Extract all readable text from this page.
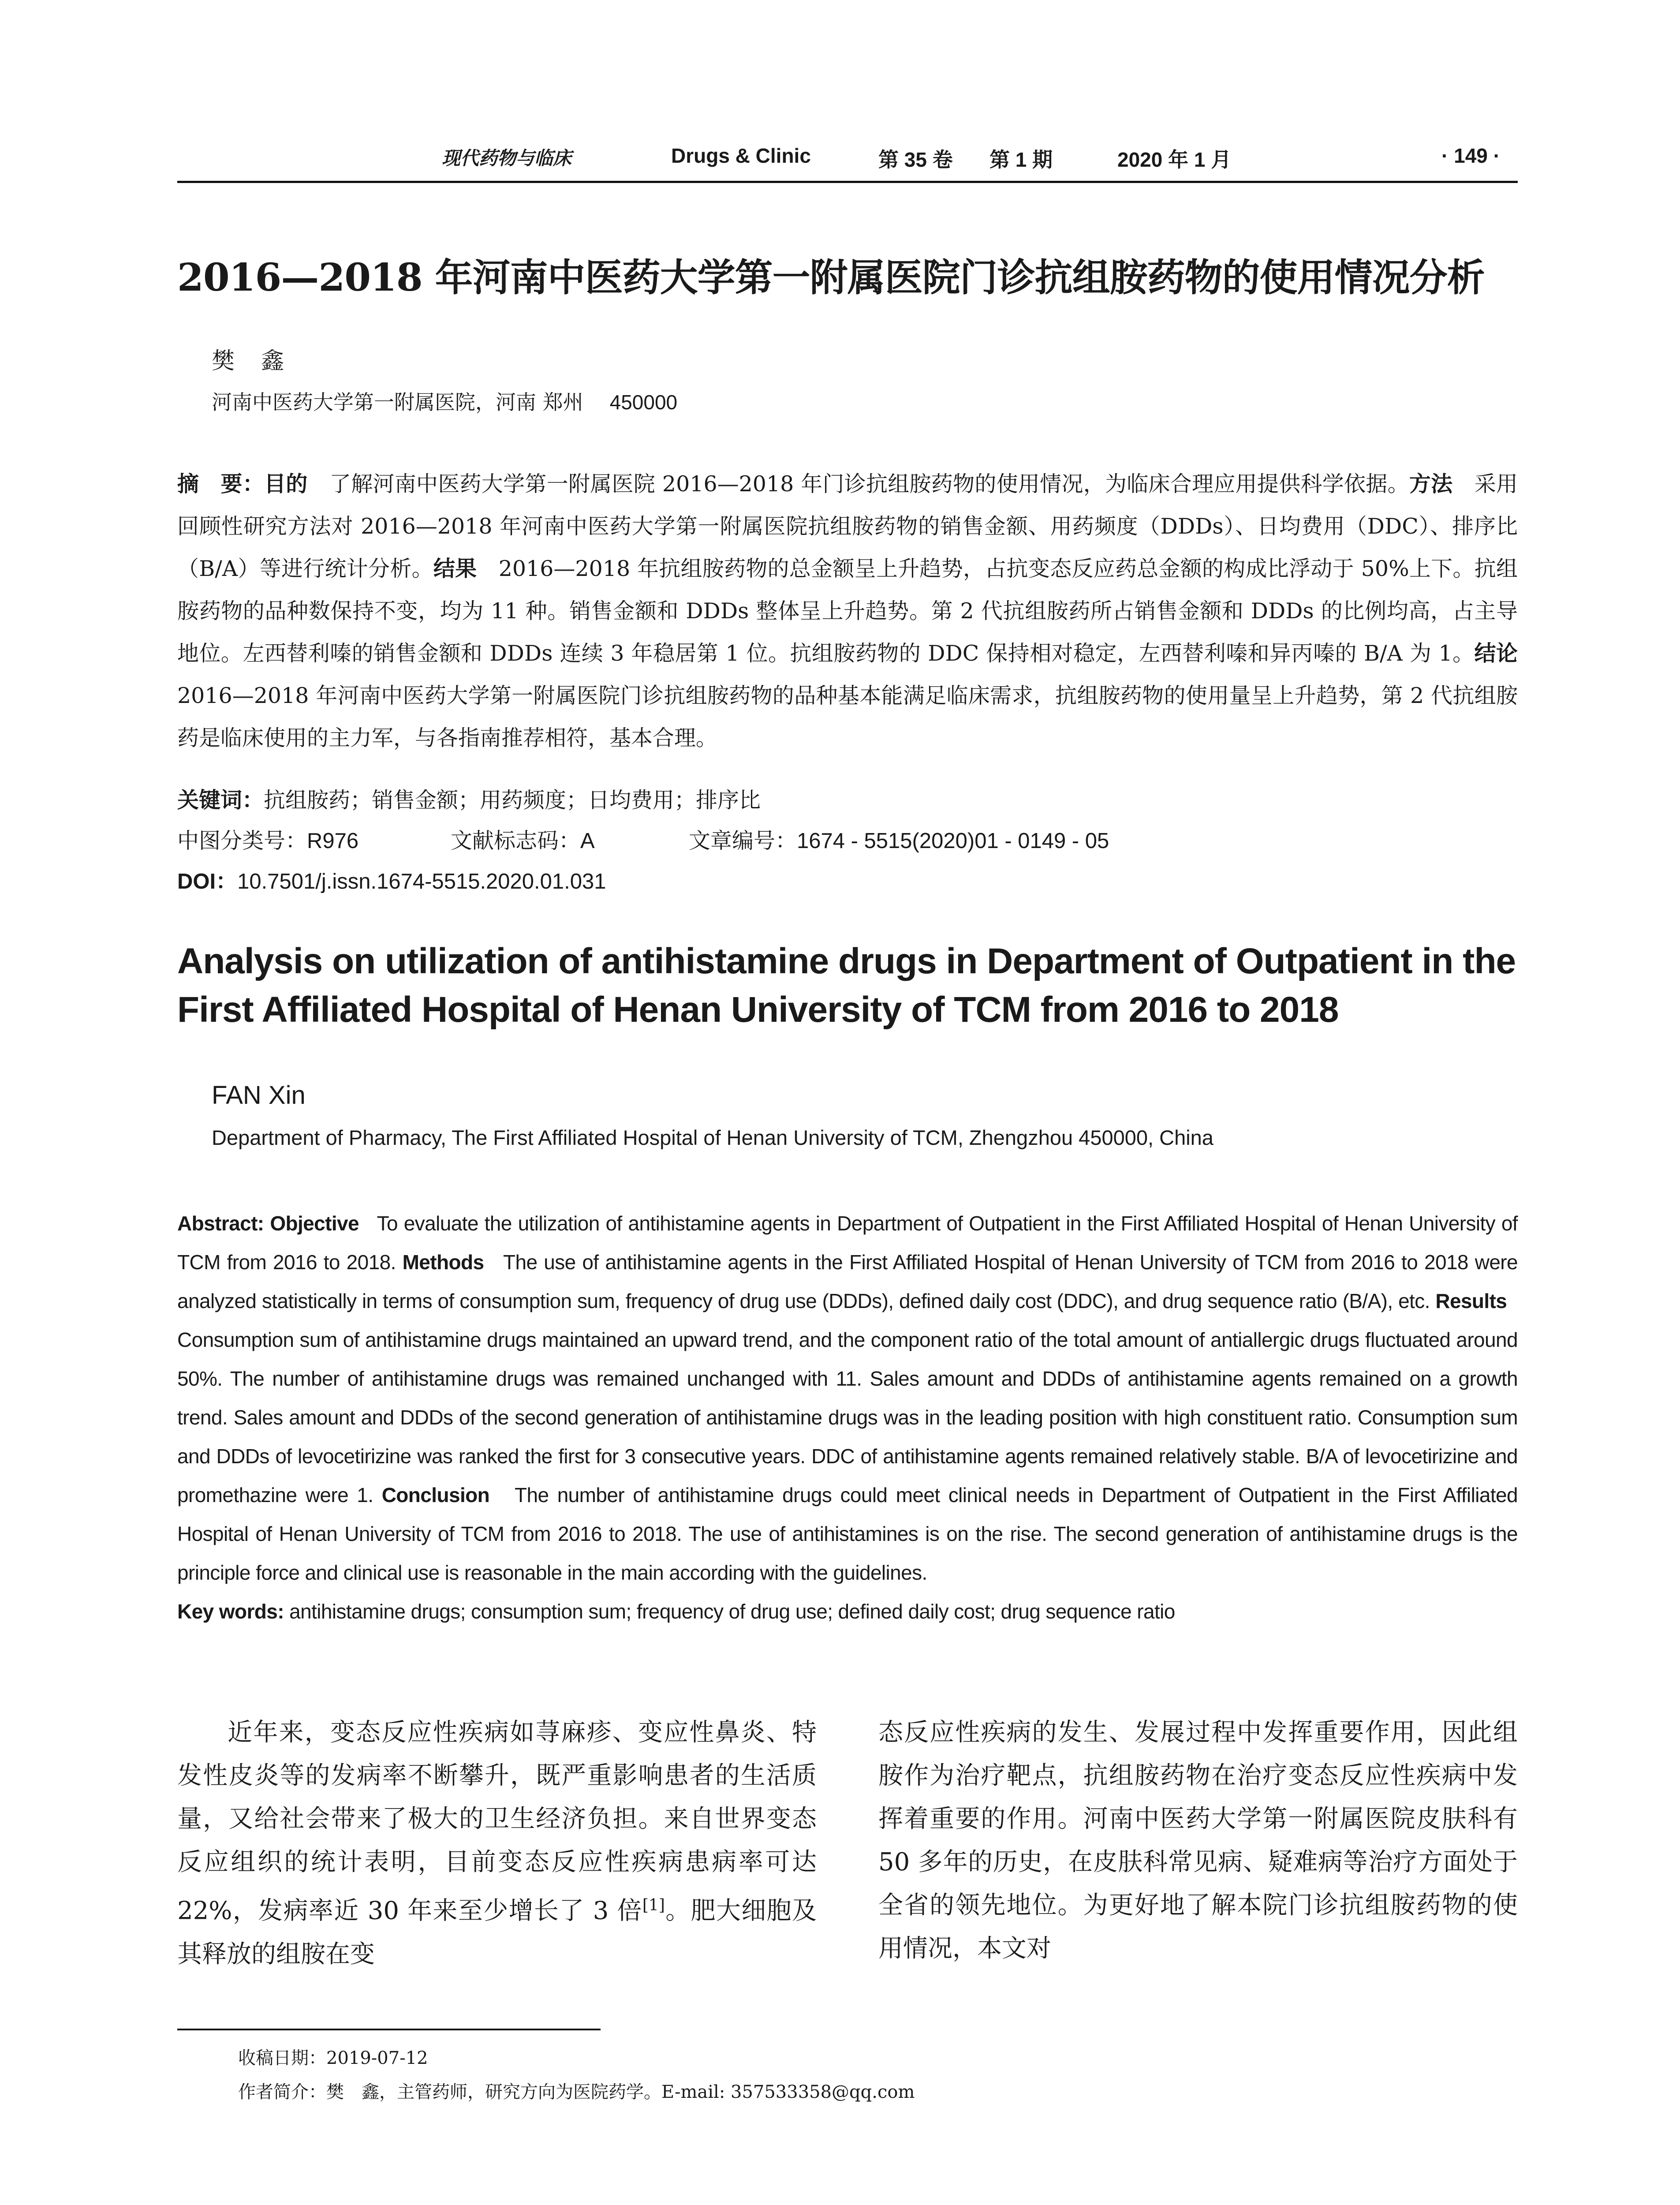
现代药物与临床	Drugs & Clinic	第 35 卷 第 1 期	2020 年 1 月	· 149 ·
2016—2018 年河南中医药大学第一附属医院门诊抗组胺药物的使用情况分析
樊鑫
河南中医药大学第一附属医院，河南 郑州 450000
摘　要：目的　 了解河南中医药大学第一附属医院 2016—2018 年门诊抗组胺药物的使用情况，为临床合理应用提供科学依据。方法　 采用回顾性研究方法对 2016—2018 年河南中医药大学第一附属医院抗组胺药物的销售金额、用药频度（DDDs）、日均费用（DDC）、排序比（B/A）等进行统计分析。结果　 2016—2018 年抗组胺药物的总金额呈上升趋势，占抗变态反应药总金额的构成比浮动于 50%上下。抗组胺药物的品种数保持不变，均为 11 种。销售金额和 DDDs 整体呈上升趋势。第 2 代抗组胺药所占销售金额和 DDDs 的比例均高，占主导地位。左西替利嗪的销售金额和 DDDs 连续 3 年稳居第 1 位。抗组胺药物的 DDC 保持相对稳定，左西替利嗪和异丙嗪的 B/A 为 1。结论　2016—2018 年河南中医药大学第一附属医院门诊抗组胺药物的品种基本能满足临床需求，抗组胺药物的使用量呈上升趋势，第 2 代抗组胺药是临床使用的主力军，与各指南推荐相符，基本合理。
关键词：抗组胺药；销售金额；用药频度；日均费用；排序比
中图分类号：R976	文献标志码：A	文章编号：1674 - 5515(2020)01 - 0149 - 05
DOI：10.7501/j.issn.1674-5515.2020.01.031
Analysis on utilization of antihistamine drugs in Department of Outpatient in the First Affiliated Hospital of Henan University of TCM from 2016 to 2018
FAN Xin
Department of Pharmacy, The First Affiliated Hospital of Henan University of TCM, Zhengzhou 450000, China
Abstract: Objective To evaluate the utilization of antihistamine agents in Department of Outpatient in the First Affiliated Hospital of Henan University of TCM from 2016 to 2018. Methods The use of antihistamine agents in the First Affiliated Hospital of Henan University of TCM from 2016 to 2018 were analyzed statistically in terms of consumption sum, frequency of drug use (DDDs), defined daily cost (DDC), and drug sequence ratio (B/A), etc. Results   Consumption sum of antihistamine drugs maintained an upward trend, and the component ratio of the total amount of antiallergic drugs fluctuated around 50%. The number of antihistamine drugs was remained unchanged with 11. Sales amount and DDDs of antihistamine agents remained on a growth trend. Sales amount and DDDs of the second generation of antihistamine drugs was in the leading position with high constituent ratio. Consumption sum and DDDs of levocetirizine was ranked the first for 3 consecutive years. DDC of antihistamine agents remained relatively stable. B/A of levocetirizine and promethazine were 1. Conclusion The number of antihistamine drugs could meet clinical needs in Department of Outpatient in the First Affiliated Hospital of Henan University of TCM from 2016 to 2018. The use of antihistamines is on the rise. The second generation of antihistamine drugs is the principle force and clinical use is reasonable in the main according with the guidelines.
Key words: antihistamine drugs; consumption sum; frequency of drug use; defined daily cost; drug sequence ratio
近年来，变态反应性疾病如荨麻疹、变应性鼻炎、特发性皮炎等的发病率不断攀升，既严重影响患者的生活质量，又给社会带来了极大的卫生经济负担。来自世界变态反应组织的统计表明，目前变态反应性疾病患病率可达 22%，发病率近 30 年来至少增长了 3 倍[1]。肥大细胞及其释放的组胺在变
态反应性疾病的发生、发展过程中发挥重要作用，因此组胺作为治疗靶点，抗组胺药物在治疗变态反应性疾病中发挥着重要的作用。河南中医药大学第一附属医院皮肤科有 50 多年的历史，在皮肤科常见病、疑难病等治疗方面处于全省的领先地位。为更好地了解本院门诊抗组胺药物的使用情况，本文对
收稿日期：2019-07-12
作者简介：樊　鑫，主管药师，研究方向为医院药学。E-mail: 357533358@qq.com
